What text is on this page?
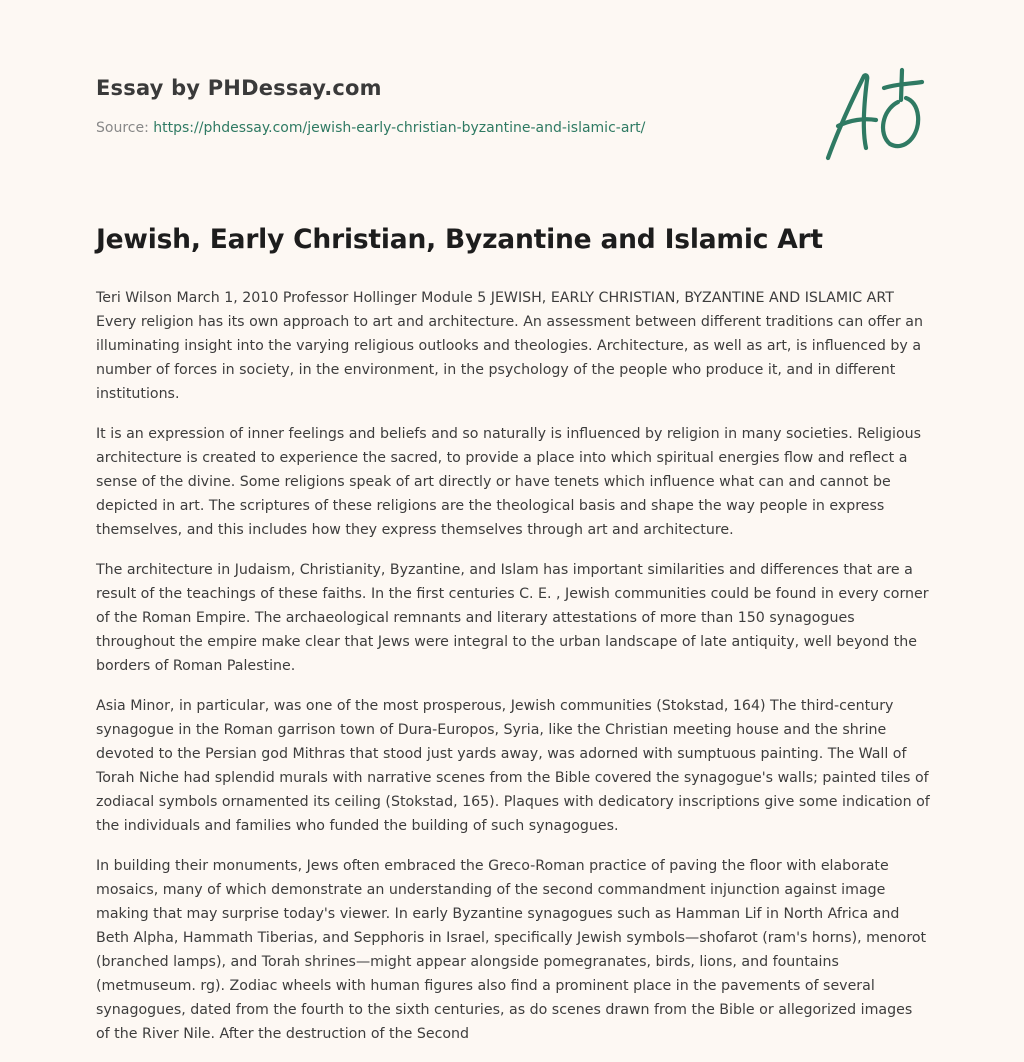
Essay by PHDessay.com
Source: https://phdessay.com/jewish-early-christian-byzantine-and-islamic-art/
Jewish, Early Christian, Byzantine and Islamic Art

Teri Wilson March 1, 2010 Professor Hollinger Module 5 JEWISH, EARLY CHRISTIAN, BYZANTINE AND ISLAMIC ART Every religion has its own approach to art and architecture. An assessment between different traditions can offer an illuminating insight into the varying religious outlooks and theologies. Architecture, as well as art, is influenced by a number of forces in society, in the environment, in the psychology of the people who produce it, and in different institutions.

It is an expression of inner feelings and beliefs and so naturally is influenced by religion in many societies. Religious architecture is created to experience the sacred, to provide a place into which spiritual energies flow and reflect a sense of the divine. Some religions speak of art directly or have tenets which influence what can and cannot be depicted in art. The scriptures of these religions are the theological basis and shape the way people in express themselves, and this includes how they express themselves through art and architecture.

The architecture in Judaism, Christianity, Byzantine, and Islam has important similarities and differences that are a result of the teachings of these faiths. In the first centuries C. E. , Jewish communities could be found in every corner of the Roman Empire. The archaeological remnants and literary attestations of more than 150 synagogues throughout the empire make clear that Jews were integral to the urban landscape of late antiquity, well beyond the borders of Roman Palestine.

Asia Minor, in particular, was one of the most prosperous, Jewish communities (Stokstad, 164) The third-century synagogue in the Roman garrison town of Dura-Europos, Syria, like the Christian meeting house and the shrine devoted to the Persian god Mithras that stood just yards away, was adorned with sumptuous painting. The Wall of Torah Niche had splendid murals with narrative scenes from the Bible covered the synagogue's walls; painted tiles of zodiacal symbols ornamented its ceiling (Stokstad, 165). Plaques with dedicatory inscriptions give some indication of the individuals and families who funded the building of such synagogues.

In building their monuments, Jews often embraced the Greco-Roman practice of paving the floor with elaborate mosaics, many of which demonstrate an understanding of the second commandment injunction against image making that may surprise today's viewer. In early Byzantine synagogues such as Hamman Lif in North Africa and Beth Alpha, Hammath Tiberias, and Sepphoris in Israel, specifically Jewish symbols—shofarot (ram's horns), menorot (branched lamps), and Torah shrines—might appear alongside pomegranates, birds, lions, and fountains (metmuseum. rg). Zodiac wheels with human figures also find a prominent place in the pavements of several synagogues, dated from the fourth to the sixth centuries, as do scenes drawn from the Bible or allegorized images of the River Nile. After the destruction of the Second
